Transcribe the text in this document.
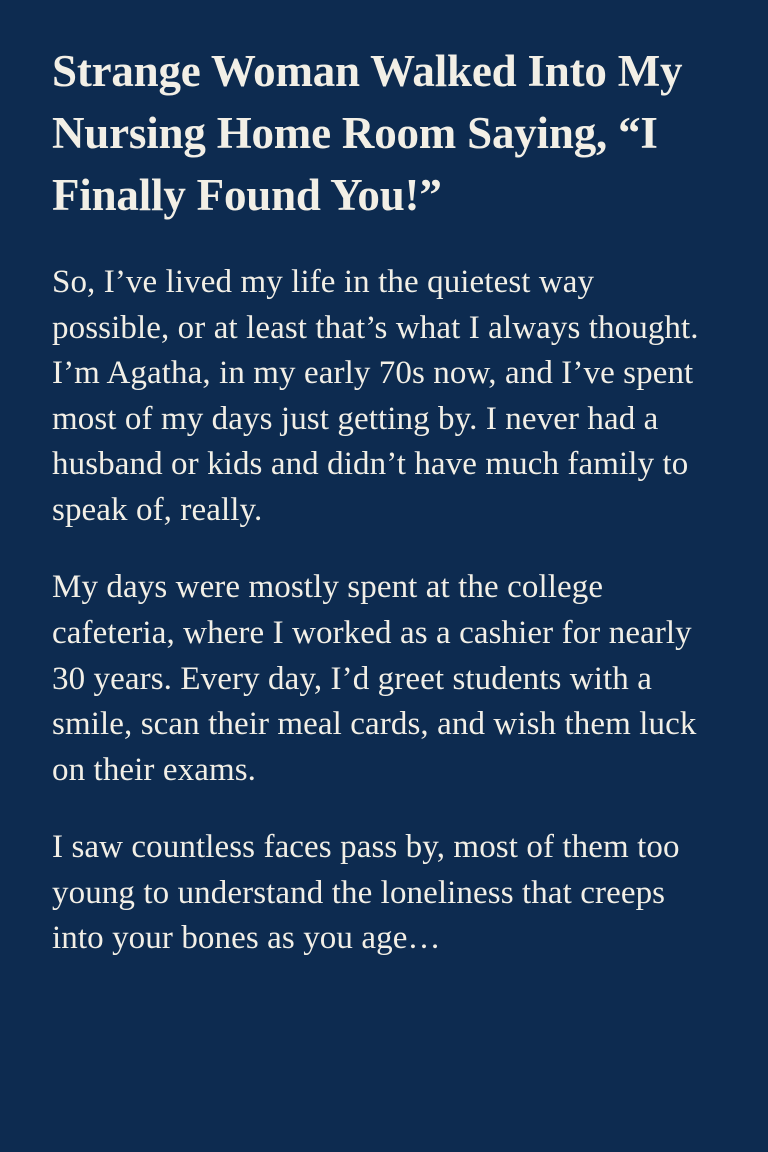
Strange Woman Walked Into My Nursing Home Room Saying, “I Finally Found You!”

So, I’ve lived my life in the quietest way possible, or at least that’s what I always thought. I’m Agatha, in my early 70s now, and I’ve spent most of my days just getting by. I never had a husband or kids and didn’t have much family to speak of, really.

My days were mostly spent at the college cafeteria, where I worked as a cashier for nearly 30 years. Every day, I’d greet students with a smile, scan their meal cards, and wish them luck on their exams.

I saw countless faces pass by, most of them too young to understand the loneliness that creeps into your bones as you age…
